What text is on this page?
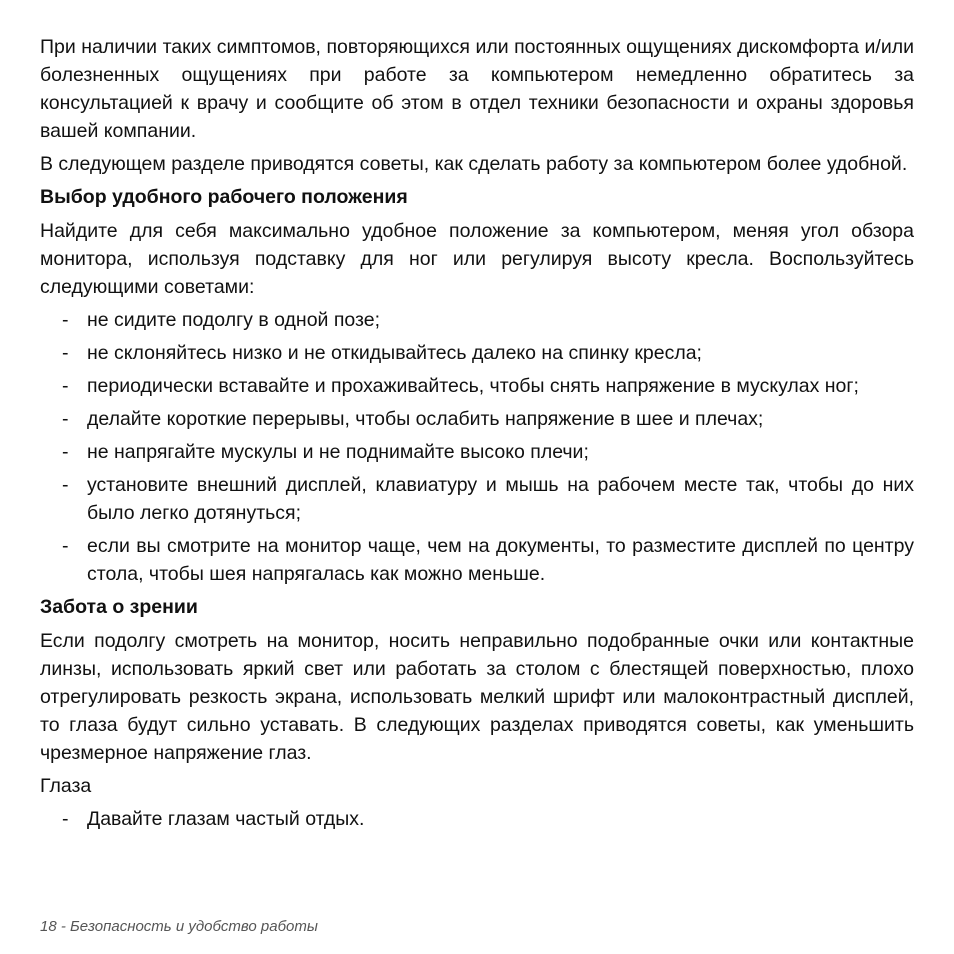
При наличии таких симптомов, повторяющихся или постоянных ощущениях дискомфорта и/или болезненных ощущениях при работе за компьютером немедленно обратитесь за консультацией к врачу и сообщите об этом в отдел техники безопасности и охраны здоровья вашей компании.

В следующем разделе приводятся советы, как сделать работу за компьютером более удобной.

Выбор удобного рабочего положения

Найдите для себя максимально удобное положение за компьютером, меняя угол обзора монитора, используя подставку для ног или регулируя высоту кресла. Воспользуйтесь следующими советами:

- не сидите подолгу в одной позе;
- не склоняйтесь низко и не откидывайтесь далеко на спинку кресла;
- периодически вставайте и прохаживайтесь, чтобы снять напряжение в мускулах ног;
- делайте короткие перерывы, чтобы ослабить напряжение в шее и плечах;
- не напрягайте мускулы и не поднимайте высоко плечи;
- установите внешний дисплей, клавиатуру и мышь на рабочем месте так, чтобы до них было легко дотянуться;
- если вы смотрите на монитор чаще, чем на документы, то разместите дисплей по центру стола, чтобы шея напрягалась как можно меньше.
Забота о зрении

Если подолгу смотреть на монитор, носить неправильно подобранные очки или контактные линзы, использовать яркий свет или работать за столом с блестящей поверхностью, плохо отрегулировать резкость экрана, использовать мелкий шрифт или малоконтрастный дисплей, то глаза будут сильно уставать. В следующих разделах приводятся советы, как уменьшить чрезмерное напряжение глаз.

Глаза

- Давайте глазам частый отдых.
18 - Безопасность и удобство работы
